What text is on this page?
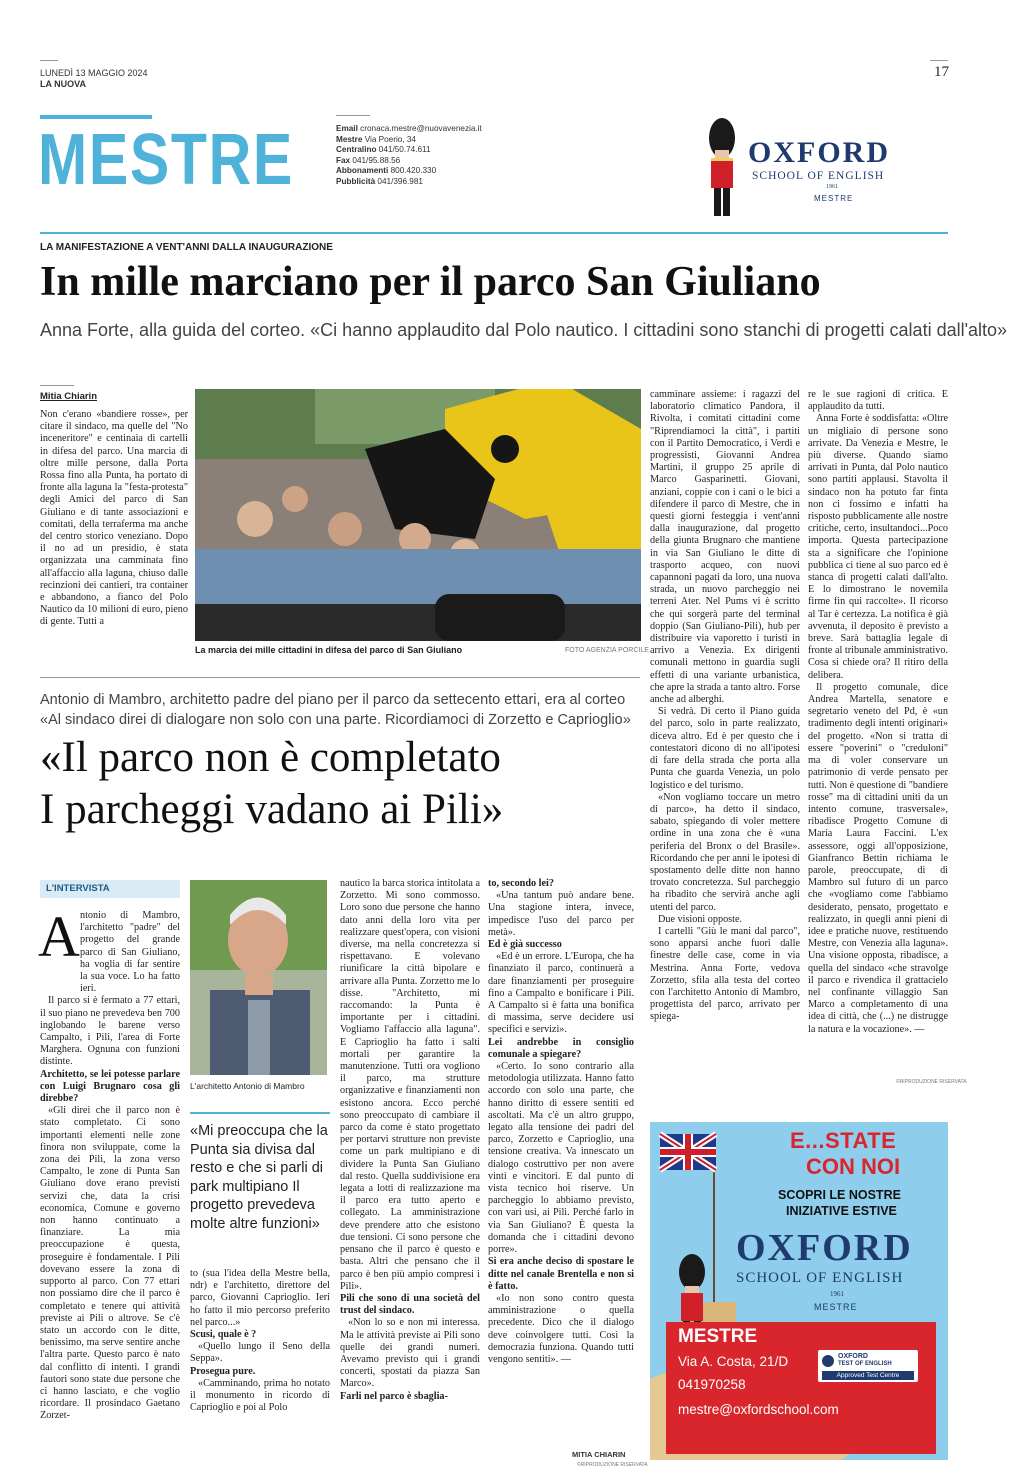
LUNEDÌ 13 MAGGIO 2024
LA NUOVA
17
MESTRE	Email cronaca.mestre@nuovavenezia.it
Mestre Via Poerio, 34
Centralino 041/50.74.611
Fax 041/95.88.56
Abbonamenti 800.420.330
Pubblicità 041/396.981
OXFORD
SCHOOL OF ENGLISH
1961
MESTRE
LA MANIFESTAZIONE A VENT'ANNI DALLA INAUGURAZIONE
In mille marciano per il parco San Giuliano
Anna Forte, alla guida del corteo. «Ci hanno applaudito dal Polo nautico. I cittadini sono stanchi di progetti calati dall'alto»
Mitia Chiarin

Non c'erano «bandiere rosse», per citare il sindaco, ma quelle del "No inceneritore" e centinaia di cartelli in difesa del parco. Una marcia di oltre mille persone, dalla Porta Rossa fino alla Punta, ha portato di fronte alla laguna la "festa-protesta" degli Amici del parco di San Giuliano e di tante associazioni e comitati, della terraferma ma anche del centro storico veneziano. Dopo il no ad un presidio, è stata organizzata una camminata fino all'affaccio alla laguna, chiuso dalle recinzioni dei cantieri, tra container e abbandono, a fianco del Polo Nautico da 10 milioni di euro, pieno di gente. Tutti a

La marcia dei mille cittadini in difesa del parco di San Giuliano	FOTO AGENZIA PORCILE

camminare assieme: i ragazzi del laboratorio climatico Pandora, il Rivolta, i comitati cittadini come "Riprendiamoci la città", i partiti con il Partito Democratico, i Verdi e progressisti, Giovanni Andrea Martini, il gruppo 25 aprile di Marco Gasparinetti. Giovani, anziani, coppie con i cani o le bici a difendere il parco di Mestre, che in questi giorni festeggia i vent'anni dalla inaugurazione, dal progetto della giunta Brugnaro che mantiene in via San Giuliano le ditte di trasporto acqueo, con nuovi capannoni pagati da loro, una nuova strada, un nuovo parcheggio nei terreni Ater. Nel Pums vi è scritto che qui sorgerà parte del terminal doppio (San Giuliano-Pili), hub per distribuire via vaporetto i turisti in arrivo a Venezia. Ex dirigenti comunali mettono in guardia sugli effetti di una variante urbanistica, che apre la strada a tanto altro. Forse anche ad alberghi.

Si vedrà. Di certo il Piano guida del parco, solo in parte realizzato, diceva altro. Ed è per questo che i contestatori dicono di no all'ipotesi di fare della strada che porta alla Punta che guarda Venezia, un polo logistico e del turismo.

«Non vogliamo toccare un metro di parco», ha detto il sindaco, sabato, spiegando di voler mettere ordine in una zona che è «una periferia del Bronx o del Brasile». Ricordando che per anni le ipotesi di spostamento delle ditte non hanno trovato concretezza. Sul parcheggio ha ribadito che servirà anche agli utenti del parco.

Due visioni opposte.

I cartelli "Giù le mani dal parco", sono apparsi anche fuori dalle finestre delle case, come in via Mestrina. Anna Forte, vedova Zorzetto, sfila alla testa del corteo con l'architetto Antonio di Mambro, progettista del parco, arrivato per spiega-

re le sue ragioni di critica. E applaudito da tutti.

Anna Forte è soddisfatta: «Oltre un migliaio di persone sono arrivate. Da Venezia e Mestre, le più diverse. Quando siamo arrivati in Punta, dal Polo nautico sono partiti applausi. Stavolta il sindaco non ha potuto far finta non ci fossimo e infatti ha risposto pubblicamente alle nostre critiche, certo, insultandoci...Poco importa. Questa partecipazione sta a significare che l'opinione pubblica ci tiene al suo parco ed è stanca di progetti calati dall'alto. E lo dimostrano le novemila firme fin qui raccolte». Il ricorso al Tar è certezza. La notifica è già avvenuta, il deposito è previsto a breve. Sarà battaglia legale di fronte al tribunale amministrativo. Cosa si chiede ora? Il ritiro della delibera.

Il progetto comunale, dice Andrea Martella, senatore e segretario veneto del Pd, è «un tradimento degli intenti originari» del progetto. «Non si tratta di essere "poverini" o "creduloni" ma di voler conservare un patrimonio di verde pensato per tutti. Non è questione di "bandiere rosse" ma di cittadini uniti da un intento comune, trasversale», ribadisce Progetto Comune di Maria Laura Faccini. L'ex assessore, oggi all'opposizione, Gianfranco Bettin richiama le parole, preoccupate, di di Mambro sul futuro di un parco che «vogliamo come l'abbiamo desiderato, pensato, progettato e realizzato, in quegli anni pieni di idee e pratiche nuove, restituendo Mestre, con Venezia alla laguna». Una visione opposta, ribadisce, a quella del sindaco «che stravolge il parco e rivendica il grattacielo nel confinante villaggio San Marco a completamento di una idea di città, che (...) ne distrugge la natura e la vocazione». —

©RIPRODUZIONE RISERVATA
Antonio di Mambro, architetto padre del piano per il parco da settecento ettari, era al corteo
«Al sindaco direi di dialogare non solo con una parte. Ricordiamoci di Zorzetto e Caprioglio»
«Il parco non è completato
I parcheggi vadano ai Pili»
L'INTERVISTA
A ntonio di Mambro, l'architetto "padre" del progetto del grande parco di San Giuliano, ha voglia di far sentire la sua voce. Lo ha fatto ieri.

Il parco si è fermato a 77 ettari, il suo piano ne prevedeva ben 700 inglobando le barene verso Campalto, i Pili, l'area di Forte Marghera. Ognuna con funzioni distinte.

Architetto, se lei potesse parlare con Luigi Brugnaro cosa gli direbbe?

«Gli direi che il parco non è stato completato. Ci sono importanti elementi nelle zone finora non sviluppate, come la zona dei Pili, la zona verso Campalto, le zone di Punta San Giuliano dove erano previsti servizi che, data la crisi economica, Comune e governo non hanno continuato a finanziare. La mia preoccupazione è questa, proseguire è fondamentale. I Pili dovevano essere la zona di supporto al parco. Con 77 ettari non possiamo dire che il parco è completato e tenere qui attività previste ai Pili o altrove. Se c'è stato un accordo con le ditte, benissimo, ma serve sentire anche l'altra parte. Questo parco è nato dal conflitto di intenti. I grandi fautori sono state due persone che ci hanno lasciato, e che voglio ricordare. Il prosindaco Gaetano Zorzet-

L'architetto Antonio di Mambro
«Mi preoccupa che la Punta sia divisa dal resto e che si parli di park multipiano Il progetto prevedeva molte altre funzioni»

to (sua l'idea della Mestre bella, ndr) e l'architetto, direttore del parco, Giovanni Caprioglio. Ieri ho fatto il mio percorso preferito nel parco...»

Scusi, quale è ?

«Quello lungo il Seno della Seppa».

Prosegua pure.

«Camminando, prima ho notato il monumento in ricordo di Caprioglio e poi al Polo

nautico la barca storica intitolata a Zorzetto. Mi sono commosso. Loro sono due persone che hanno dato anni della loro vita per realizzare quest'opera, con visioni diverse, ma nella concretezza si rispettavano. E volevano riunificare la città bipolare e arrivare alla Punta. Zorzetto me lo disse. "Architetto, mi raccomando: la Punta è importante per i cittadini. Vogliamo l'affaccio alla laguna". E Caprioglio ha fatto i salti mortali per garantire la manutenzione. Tutti ora vogliono il parco, ma strutture organizzative e finanziamenti non esistono ancora. Ecco perché sono preoccupato di cambiare il parco da come è stato progettato per portarvi strutture non previste come un park multipiano e di dividere la Punta San Giuliano dal resto. Quella suddivisione era legata a lotti di realizzazione ma il parco era tutto aperto e collegato. La amministrazione deve prendere atto che esistono due tensioni. Ci sono persone che pensano che il parco è questo e basta. Altri che pensano che il parco è ben più ampio compresi i Pili».

Pili che sono di una società del trust del sindaco.

«Non lo so e non mi interessa. Ma le attività previste ai Pili sono quelle dei grandi numeri. Avevamo previsto qui i grandi concerti, spostati da piazza San Marco».

Farli nel parco è sbaglia-

to, secondo lei?

«Una tantum può andare bene. Una stagione intera, invece, impedisce l'uso del parco per metà».

Ed è già successo

«Ed è un errore. L'Europa, che ha finanziato il parco, continuerà a dare finanziamenti per proseguire fino a Campalto e bonificare i Pili. A Campalto si è fatta una bonifica di massima, serve decidere usi specifici e servizi».

Lei andrebbe in consiglio comunale a spiegare?

«Certo. Io sono contrario alla metodologia utilizzata. Hanno fatto accordo con solo una parte, che hanno diritto di essere sentiti ed ascoltati. Ma c'è un altro gruppo, legato alla tensione dei padri del parco, Zorzetto e Caprioglio, una tensione creativa. Va innescato un dialogo costruttivo per non avere vinti e vincitori. E dal punto di vista tecnico hoi riserve. Un parcheggio lo abbiamo previsto, con vari usi, ai Pili. Perché farlo in via San Giuliano? È questa la domanda che i cittadini devono porre».

Si era anche deciso di spostare le ditte nel canale Brentella e non si è fatto.

«Io non sono contro questa amministrazione o quella precedente. Dico che il dialogo deve coinvolgere tutti. Così la democrazia funziona. Quando tutti vengono sentiti». —

MITIA CHIARIN
©RIPRODUZIONE RISERVATA
E...STATE
CON NOI
SCOPRI LE NOSTRE
INIZIATIVE ESTIVE
OXFORD
SCHOOL OF ENGLISH
1961
MESTRE
MESTRE
Via A. Costa, 21/D
041970258
mestre@oxfordschool.com
OXFORD
TEST OF ENGLISH
Approved Test Centre
